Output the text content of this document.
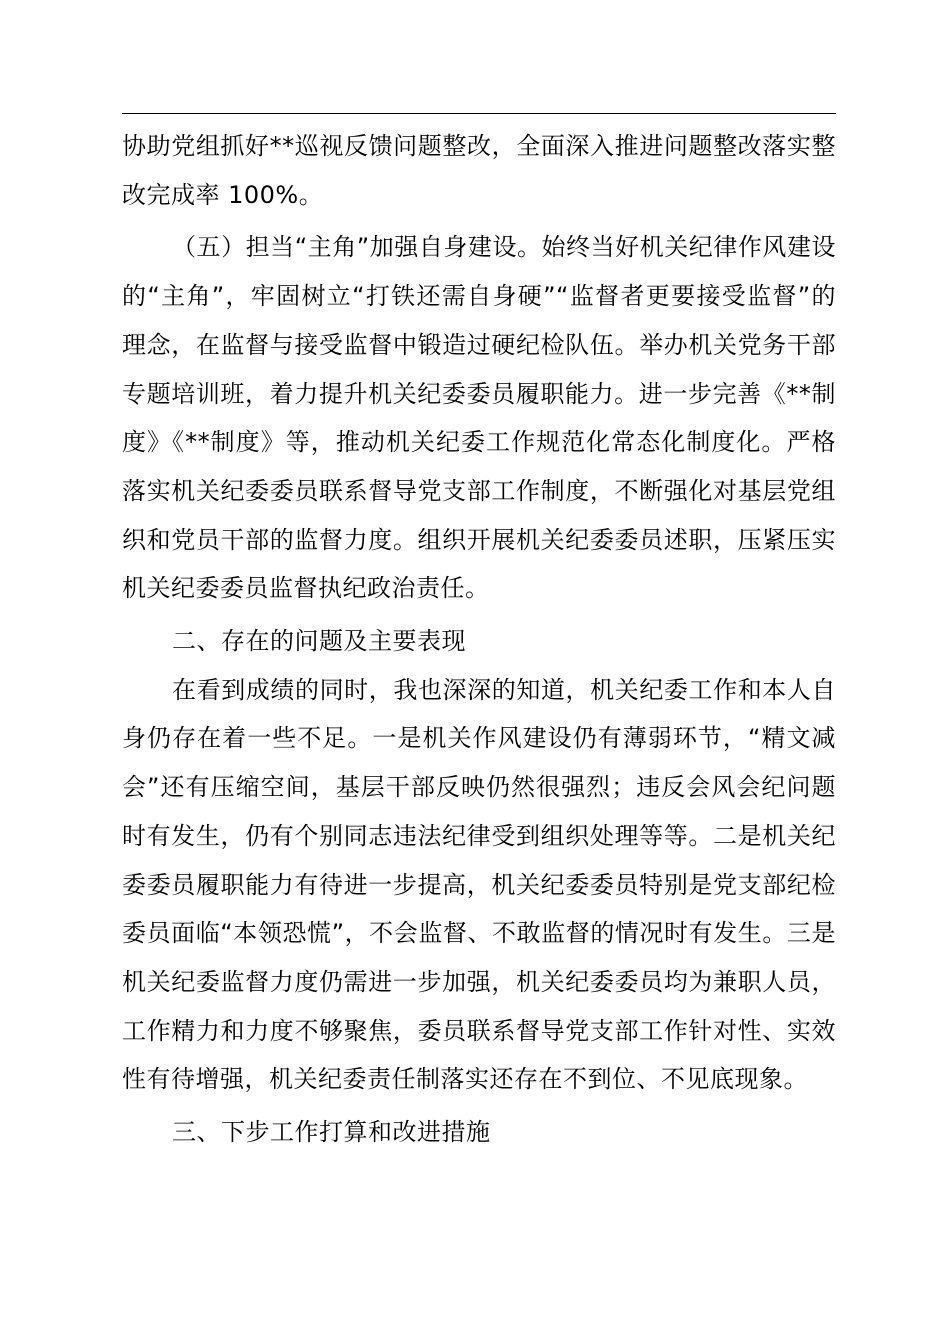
协助党组抓好**巡视反馈问题整改，全面深入推进问题整改落实整改完成率 100%。

（五）担当“主角”加强自身建设。始终当好机关纪律作风建设的“主角”，牢固树立“打铁还需自身硬”“监督者更要接受监督”的理念，在监督与接受监督中锻造过硬纪检队伍。举办机关党务干部专题培训班，着力提升机关纪委委员履职能力。进一步完善《**制度》《**制度》等，推动机关纪委工作规范化常态化制度化。严格落实机关纪委委员联系督导党支部工作制度，不断强化对基层党组织和党员干部的监督力度。组织开展机关纪委委员述职，压紧压实机关纪委委员监督执纪政治责任。

二、存在的问题及主要表现

在看到成绩的同时，我也深深的知道，机关纪委工作和本人自身仍存在着一些不足。一是机关作风建设仍有薄弱环节，“精文减会”还有压缩空间，基层干部反映仍然很强烈；违反会风会纪问题时有发生，仍有个别同志违法纪律受到组织处理等等。二是机关纪委委员履职能力有待进一步提高，机关纪委委员特别是党支部纪检委员面临“本领恐慌”，不会监督、不敢监督的情况时有发生。三是机关纪委监督力度仍需进一步加强，机关纪委委员均为兼职人员，工作精力和力度不够聚焦，委员联系督导党支部工作针对性、实效性有待增强，机关纪委责任制落实还存在不到位、不见底现象。

三、下步工作打算和改进措施
